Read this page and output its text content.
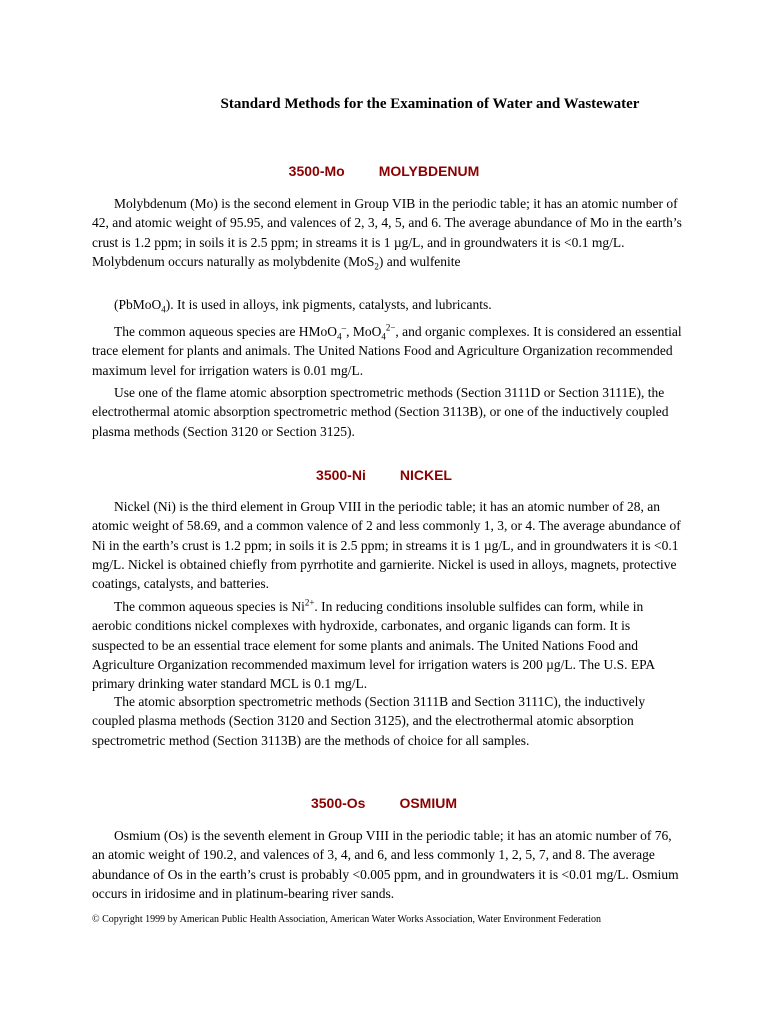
Standard Methods for the Examination of Water and Wastewater
3500-Mo MOLYBDENUM

Molybdenum (Mo) is the second element in Group VIB in the periodic table; it has an atomic number of 42, and atomic weight of 95.95, and valences of 2, 3, 4, 5, and 6. The average abundance of Mo in the earth’s crust is 1.2 ppm; in soils it is 2.5 ppm; in streams it is 1 µg/L, and in groundwaters it is <0.1 mg/L. Molybdenum occurs naturally as molybdenite (MoS$_2$) and wulfenite

(PbMoO$_4$). It is used in alloys, ink pigments, catalysts, and lubricants.

The common aqueous species are HMoO$_4$–, MoO$_4^{2-}$, and organic complexes. It is considered an essential trace element for plants and animals. The United Nations Food and Agriculture Organization recommended maximum level for irrigation waters is 0.01 mg/L.

Use one of the flame atomic absorption spectrometric methods (Section 3111D or Section 3111E), the electrothermal atomic absorption spectrometric method (Section 3113B), or one of the inductively coupled plasma methods (Section 3120 or Section 3125).

3500-Ni NICKEL

Nickel (Ni) is the third element in Group VIII in the periodic table; it has an atomic number of 28, an atomic weight of 58.69, and a common valence of 2 and less commonly 1, 3, or 4. The average abundance of Ni in the earth’s crust is 1.2 ppm; in soils it is 2.5 ppm; in streams it is 1 µg/L, and in groundwaters it is <0.1 mg/L. Nickel is obtained chiefly from pyrrhotite and garnierite. Nickel is used in alloys, magnets, protective coatings, catalysts, and batteries.

The common aqueous species is $Ni^{2+}$. In reducing conditions insoluble sulfides can form, while in aerobic conditions nickel complexes with hydroxide, carbonates, and organic ligands can form. It is suspected to be an essential trace element for some plants and animals. The United Nations Food and Agriculture Organization recommended maximum level for irrigation waters is 200 µg/L. The U.S. EPA primary drinking water standard MCL is 0.1 mg/L.

The atomic absorption spectrometric methods (Section 3111B and Section 3111C), the inductively coupled plasma methods (Section 3120 and Section 3125), and the electrothermal atomic absorption spectrometric method (Section 3113B) are the methods of choice for all samples.

3500-Os OSMIUM

Osmium (Os) is the seventh element in Group VIII in the periodic table; it has an atomic number of 76, an atomic weight of 190.2, and valences of 3, 4, and 6, and less commonly 1, 2, 5, 7, and 8. The average abundance of Os in the earth’s crust is probably <0.005 ppm, and in groundwaters it is <0.01 mg/L. Osmium occurs in iridosime and in platinum-bearing river sands.

© Copyright 1999 by American Public Health Association, American Water Works Association, Water Environment Federation
